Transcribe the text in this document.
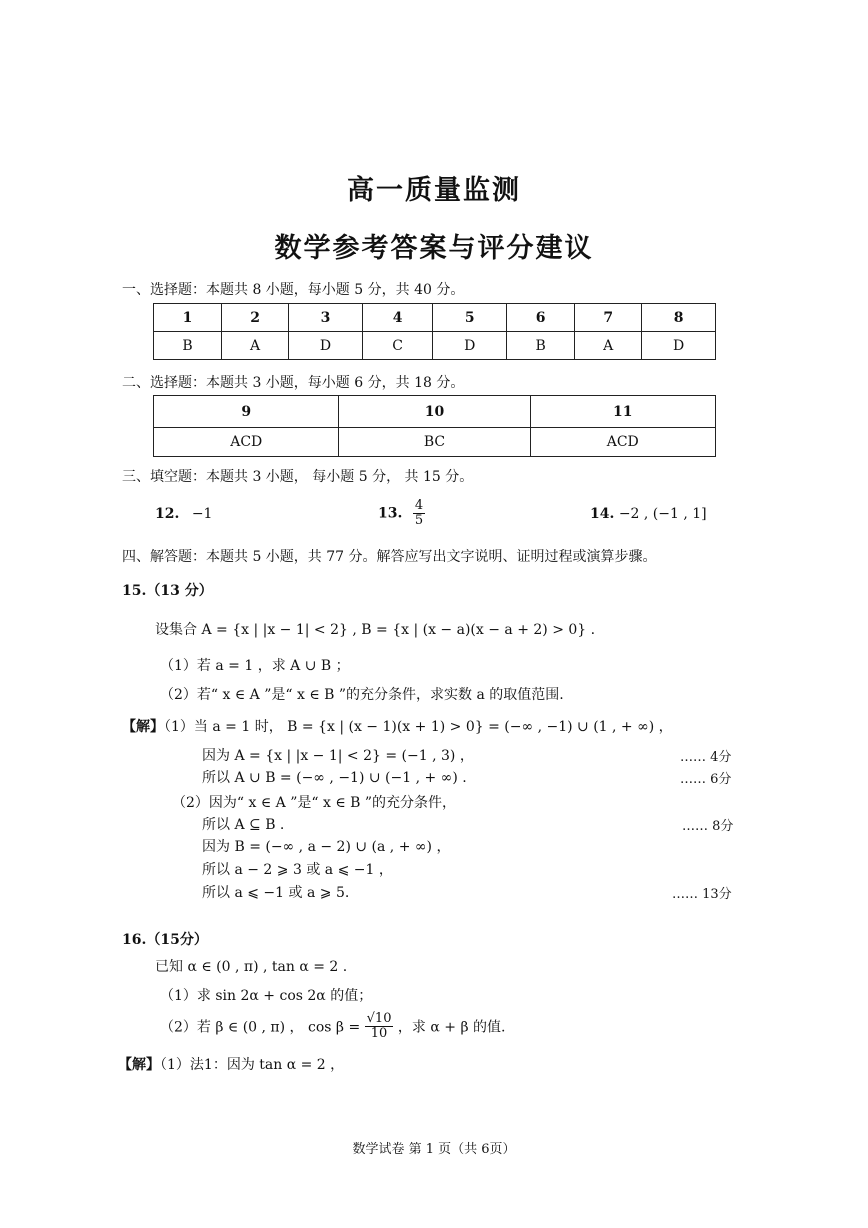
高一质量监测
数学参考答案与评分建议
一、选择题：本题共 8 小题，每小题 5 分，共 40 分。
1	2	3	4	5	6	7	8
B	A	D	C	D	B	A	D
二、选择题：本题共 3 小题，每小题 6 分，共 18 分。
9	10	11
ACD	BC	ACD
三、填空题：本题共 3 小题， 每小题 5 分， 共 15 分。
12. −1	13. $\frac{4}{5}$	14. −2 , (−1 , 1]
四、解答题：本题共 5 小题，共 77 分。解答应写出文字说明、证明过程或演算步骤。
15.（13 分）
设集合 A = {x | |x − 1| < 2} , B = {x | (x − a)(x − a + 2) > 0} .
（1）若 a = 1 ，求 A ∪ B ；
（2）若“ x ∈ A ”是“ x ∈ B ”的充分条件，求实数 a 的取值范围.
【解】（1）当 a = 1 时， B = {x | (x − 1)(x + 1) > 0} = (−∞ , −1) ∪ (1 , + ∞) ，
因为 A = {x | |x − 1| < 2} = (−1 , 3) ，	…… 4分
所以 A ∪ B = (−∞ , −1) ∪ (−1 , + ∞) .	…… 6分
（2）因为“ x ∈ A ”是“ x ∈ B ”的充分条件，
所以 A ⊆ B .	…… 8分
因为 B = (−∞ , a − 2) ∪ (a , + ∞) ，
所以 a − 2 ⩾ 3 或 a ⩽ −1 ，
所以 a ⩽ −1 或 a ⩾ 5.	…… 13分
16.（15分）
已知 α ∈ (0 , π) , tan α = 2 .
（1）求 sin 2α + cos 2α 的值；
（2）若 β ∈ (0 , π) ， $\cos \beta = \frac{√10}{10}$ ，求 α + β 的值.
【解】（1）法1：因为 tan α = 2 ，
数学试卷 第 1 页（共 6页）
